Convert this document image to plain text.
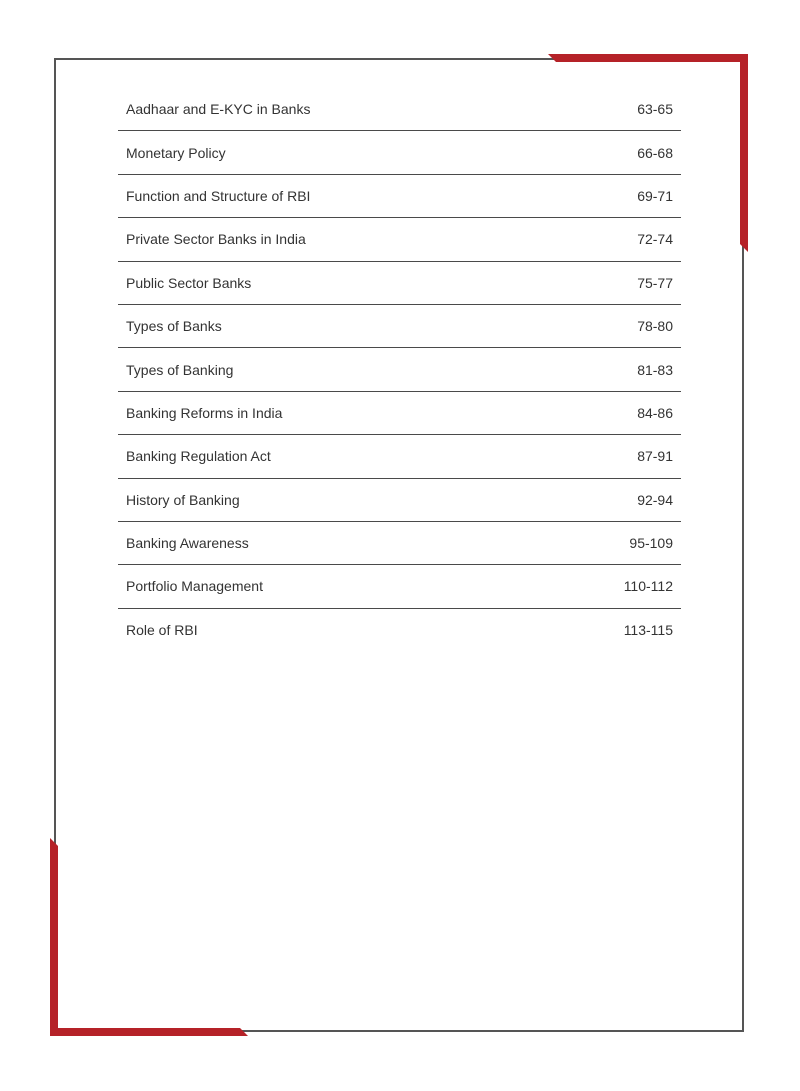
Aadhaar and E-KYC in Banks	63-65
Monetary Policy	66-68
Function and Structure of RBI	69-71
Private Sector Banks in India	72-74
Public Sector Banks	75-77
Types of Banks	78-80
Types of Banking	81-83
Banking Reforms in India	84-86
Banking Regulation Act	87-91
History of Banking	92-94
Banking Awareness	95-109
Portfolio Management	110-112
Role of RBI	113-115
